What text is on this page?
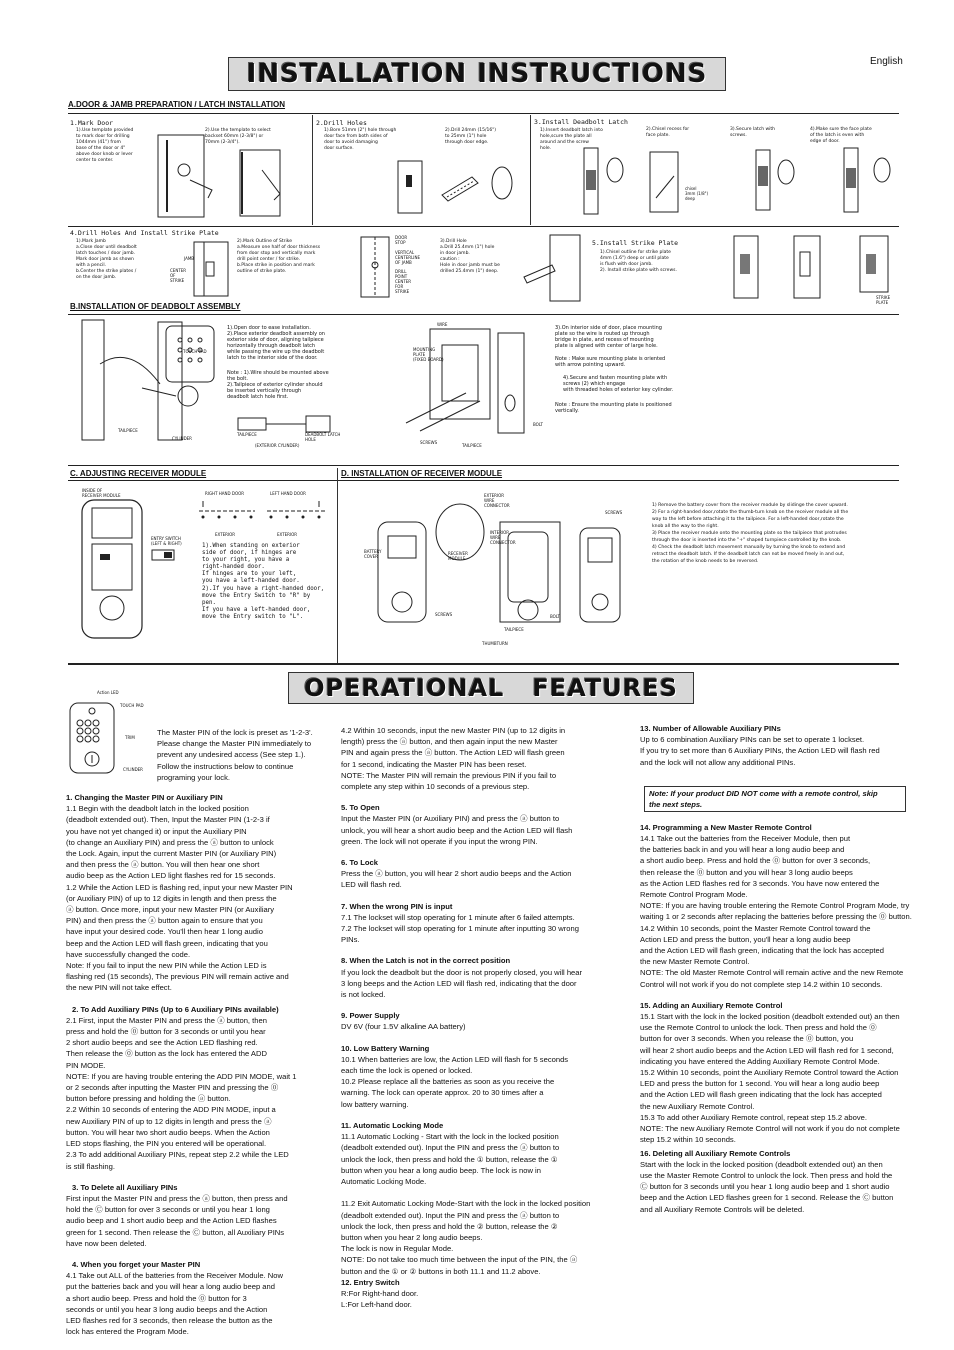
English
INSTALLATION INSTRUCTIONS
A.DOOR & JAMB PREPARATION / LATCH INSTALLATION
1.Mark Door
1).Use template provided
to mark door for drilling
1044mm (41") from
base of the door or 4"
above door knob or lever
center to center.
2).Use the template to select
backset 60mm (2-3/8") or
70mm (2-3/4").
2.Drill Holes
1).Bore 51mm (2") hole through
door face from both sides of
door to avoid damaging
door surface.
2).Drill 24mm (15/16")
to 25mm (1") hole
through door edge.
3.Install Deadbolt Latch
1).Insert deadbolt latch into
hole,scure the plate all
around and the screw
hole.
2).Chisel recess for
face plate.
3).Secure latch with
screws.
4).Make sure the face plate
of the latch is even with
edge of door.
chisel
3mm (1/8")
deep
4.Drill Holes And Install Strike Plate
1).Mark Jamb
a.Close door until deadbolt
latch touches / door jamb.
Mark door jamb as shown
with a pencil.
b.Center the strike plates /
on the door jamb.
JAMB
CENTER
OF
STRIKE
2).Mark Outline of Strike
a.Measure one half of door thickness
from door stop and vertically mark
drill point center / for strike.
b.Place strike in position and mark
outline of strike plate.
DOOR
STOP
VERTICAL
CENTERLINE
OF JAMB
DRILL
POINT
CENTER
FOR
STRIKE
3).Drill Hole
a.Drill 25.4mm (1") hole
in door jamb.
caution :
Hole in door jamb must be
drilled 25.4mm (1") deep.
5.Install Strike Plate
1).Chisel outline for strike plate
4mm (1.6") deep or until plate
is flush with door jamb.
2). Install strike plate with screws.
STRIKE
PLATE
B.INSTALLATION OF DEADBOLT ASSEMBLY
TOUCH PAD
TAILPIECE
CYLINDER
1).Open door to ease installation.
2).Place exterior deadbolt assembly on
exterior side of door, aligning tailpiece
horizontally through deadbolt latch
while passing the wire up the deadbolt
latch to the interior side of the door.
Note : 1).Wire should be mounted above
the bolt.
2).Tailpiece of exterior cylinder should
be inserted vertically through
deadbolt latch hole first.
TAILPIECE	DEADBOLT LATCH
HOLE
(EXTERIOR CYLINDER)
WIRE
MOUNTING
PLATE
(FIXED BOARD)
BOLT
SCREWS
TAILPIECE
3).On interior side of door, place mounting
plate so the wire is routed up through
bridge in plate, and recess of mounting
plate is aligned with center of large hole.
Note : Make sure mounting plate is oriented
with arrow pointing upward.
4).Secure and fasten mounting plate with
screws (2) which engage
with threaded holes of exterior key cylinder.
Note : Ensure the mounting plate is positioned
vertically.
C. ADJUSTING RECEIVER MODULE
INSIDE OF
RECEIVER MODULE	RIGHT HAND DOOR	LEFT HAND DOOR
EXTERIOR	EXTERIOR
ENTRY SWITCH
(LEFT & RIGHT)	1).When standing on exterior
side of door, if hinges are
to your right, you have a
right-handed door.
If hinges are to your left,
you have a left-handed door.
2).If you have a right-handed door,
move the Entry Switch to "R" by
pen.
If you have a left-handed door,
move the Entry switch to "L".
D. INSTALLATION OF RECEIVER MODULE
EXTERIOR
WIRE
CONNECTOR
BATTERY
COVER
INTERIOR
WIRE
CONNECTOR
RECEIVER
MODULE
SCREWS
SCREWS
TAILPIECE
THUMBTURN
BOLT
1) Remove the battery cover from the receiver module by slidinge the cover upward.
2) For a right-handed door,rotate the thumb-turn knob on the receiver module all the
way to the left before attaching it to the tailpiece. For a left-handed door,rotate the
knob all the way to the right.
3) Place the receiver module onto the mounting plate so the tailpiece that protrudes
through the door is inserted into the "+" shaped turnpiece controlled by the knob.
4) Check the deadbolt latch movement manually by turning the knob to extend and
retract the deadbolt latch. If the deadbolt latch can not be moved freely in and out,
the rotation of the knob needs to be reversed.
OPERATIONAL   FEATURES
Action LED
TOUCH PAD
TRIM
CYLINDER
The Master PIN of the lock is preset as '1-2-3'.
Please change the Master PIN immediately to
prevent any undesired access (See step 1.).
Follow the instructions below to continue
programing your lock.
1. Changing the Master PIN or Auxiliary PIN
1.1 Begin with the deadbolt latch in the locked position
(deadbolt extended out). Then, Input the Master PIN (1-2-3 if
you have not yet changed it) or input the Auxiliary PIN
(to change an Auxiliary PIN) and press the ⓐ button to unlock
the Lock. Again, input the current Master PIN (or Auxiliary PIN)
and then press the ⓐ button. You will then hear one short
audio beep as the Action LED light flashes red for 15 seconds.
1.2 While the Action LED is flashing red, input your new Master PIN
(or Auxiliary PIN) of up to 12 digits in length and then press the
ⓐ button. Once more, input your new Master PIN (or Auxiliary
PIN) and then press the ⓐ button again to ensure that you
have input your desired code. You'll then hear 1 long audio
beep and the Action LED will flash green, indicating that you
have successfully changed the code.
Note: If you fail to input the new PIN while the Action LED is
flashing red (15 seconds), The previous PIN will remain active and
the new PIN will not take effect.
2. To Add Auxiliary PINs (Up to 6 Auxiliary PINs available)
2.1 First, input the Master PIN and press the ⓐ button, then
press and hold the ⓪ button for 3 seconds or until you hear
2 short audio beeps and see the Action LED flashing red.
Then release the ⓪ button as the lock has entered the ADD
PIN MODE.
NOTE: If you are having trouble entering the ADD PIN MODE, wait 1
or 2 seconds after inputting the Master PIN and pressing the ⓪
button before pressing and holding the ⓐ button.
2.2 Within 10 seconds of entering the ADD PIN MODE, input a
new Auxiliary PIN of up to 12 digits in length and press the ⓐ
button. You will hear two short audio beeps. When the Action
LED stops flashing, the PIN you entered will be operational.
2.3 To add additional Auxiliary PINs, repeat step 2.2 while the LED
is still flashing.
3. To Delete all Auxiliary PINs
First input the Master PIN and press the ⓐ button, then press and
hold the Ⓒ button for over 3 seconds or until you hear 1 long
audio beep and 1 short audio beep and the Action LED flashes
green for 1 second. Then release the Ⓒ button, all Auxiliary PINs
have now been deleted.
4. When you forget your Master PIN
4.1 Take out ALL of the batteries from the Receiver Module. Now
put the batteries back and you will hear a long audio beep and
a short audio beep. Press and hold the ⓪ button for 3
seconds or until you hear 3 long audio beeps and the Action
LED flashes red for 3 seconds, then release the button as the
lock has entered the Program Mode.
4.2 Within 10 seconds, input the new Master PIN (up to 12 digits in
length) press the ⓐ button, and then again input the new Master
PIN and again press the ⓐ button. The Action LED will flash green
for 1 second, indicating the Master PIN has been reset.
NOTE: The Master PIN will remain the previous PIN if you fail to
complete any step within 10 seconds of a previous step.
5. To Open
Input the Master PIN (or Auxiliary PIN) and press the ⓐ button to
unlock, you will hear a short audio beep and the Action LED will flash
green. The lock will not operate if you input the wrong PIN.
6. To Lock
Press the ⓐ button, you will hear 2 short audio beeps and the Action
LED will flash red.
7. When the wrong PIN is input
7.1 The lockset will stop operating for 1 minute after 6 failed attempts.
7.2 The lockset will stop operating for 1 minute after inputting 30 wrong
PINs.
8. When the Latch is not in the correct position
If you lock the deadbolt but the door is not properly closed, you will hear
3 long beeps and the Action LED will flash red, indicating that the door
is not locked.
9. Power Supply
DV 6V (four 1.5V alkaline AA battery)
10. Low Battery Warning
10.1 When batteries are low, the Action LED will flash for 5 seconds
each time the lock is opened or locked.
10.2 Please replace all the batteries as soon as you receive the
warning. The lock can operate approx. 20 to 30 times after a
low battery warning.
11. Automatic Locking Mode
11.1 Automatic Locking - Start with the lock in the locked position
(deadbolt extended out). Input the PIN and press the ⓐ button to
unlock the lock, then press and hold the ① button, release the ①
button when you hear a long audio beep. The lock is now in
Automatic Locking Mode.

11.2 Exit Automatic Locking Mode-Start with the lock in the locked position
(deadbolt extended out). Input the PIN and press the ⓐ button to
unlock the lock, then press and hold the ② button, release the ②
button when you hear 2 long audio beeps.
The lock is now in Regular Mode.
NOTE: Do not take too much time between the input of the PIN, the ⓐ
button and the ① or ② buttons in both 11.1 and 11.2 above.
12. Entry Switch
R:For Right-hand door.
L:For Left-hand door.
13. Number of Allowable Auxiliary PINs
Up to 6 combination Auxiliary PINs can be set to operate 1 lockset.
If you try to set more than 6 Auxiliary PINs, the Action LED will flash red
and the lock will not allow any additional PINs.
Note: If your product DID NOT come with a remote control, skip
the next steps.
14. Programming a New Master Remote Control
14.1 Take out the batteries from the Receiver Module, then put
the batteries back in and you will hear a long audio beep and
a short audio beep. Press and hold the ⓪ button for over 3 seconds,
then release the ⓪ button and you will hear 3 long audio beeps
as the Action LED flashes red for 3 seconds. You have now entered the
Remote Control Program Mode.
NOTE: If you are having trouble entering the Remote Control Program Mode, try
waiting 1 or 2 seconds after replacing the batteries before pressing the ⓪ button.
14.2 Within 10 seconds, point the Master Remote Control toward the
Action LED and press the button, you'll hear a long audio beep
and the Action LED will flash green, indicating that the lock has accepted
the new Master Remote Control.
NOTE: The old Master Remote Control will remain active and the new Remote
Control will not work if you do not complete step 14.2 within 10 seconds.
15. Adding an Auxiliary Remote Control
15.1 Start with the lock in the locked position (deadbolt extended out) an then
use the Remote Control to unlock the lock. Then press and hold the ⓪
button for over 3 seconds. When you release the ⓪ button, you
will hear 2 short audio beeps and the Action LED will flash red for 1 second,
indicating you have entered the Adding Auxiliary Remote Control Mode.
15.2 Within 10 seconds, point the Auxiliary Remote Control toward the Action
LED and press the button for 1 second. You will hear a long audio beep
and the Action LED will flash green indicating that the lock has accepted
the new Auxiliary Remote Control.
15.3 To add other Auxiliary Remote control, repeat step 15.2 above.
NOTE: The new Auxiliary Remote Control will not work if you do not complete
step 15.2 within 10 seconds.
16. Deleting all Auxiliary Remote Controls
Start with the lock in the locked position (deadbolt extended out) an then
use the Master Remote Control to unlock the lock. Then press and hold the
Ⓒ button for 3 seconds until you hear 1 long audio beep and 1 short audio
beep and the Action LED flashes green for 1 second. Release the Ⓒ button
and all Auxiliary Remote Controls will be deleted.
